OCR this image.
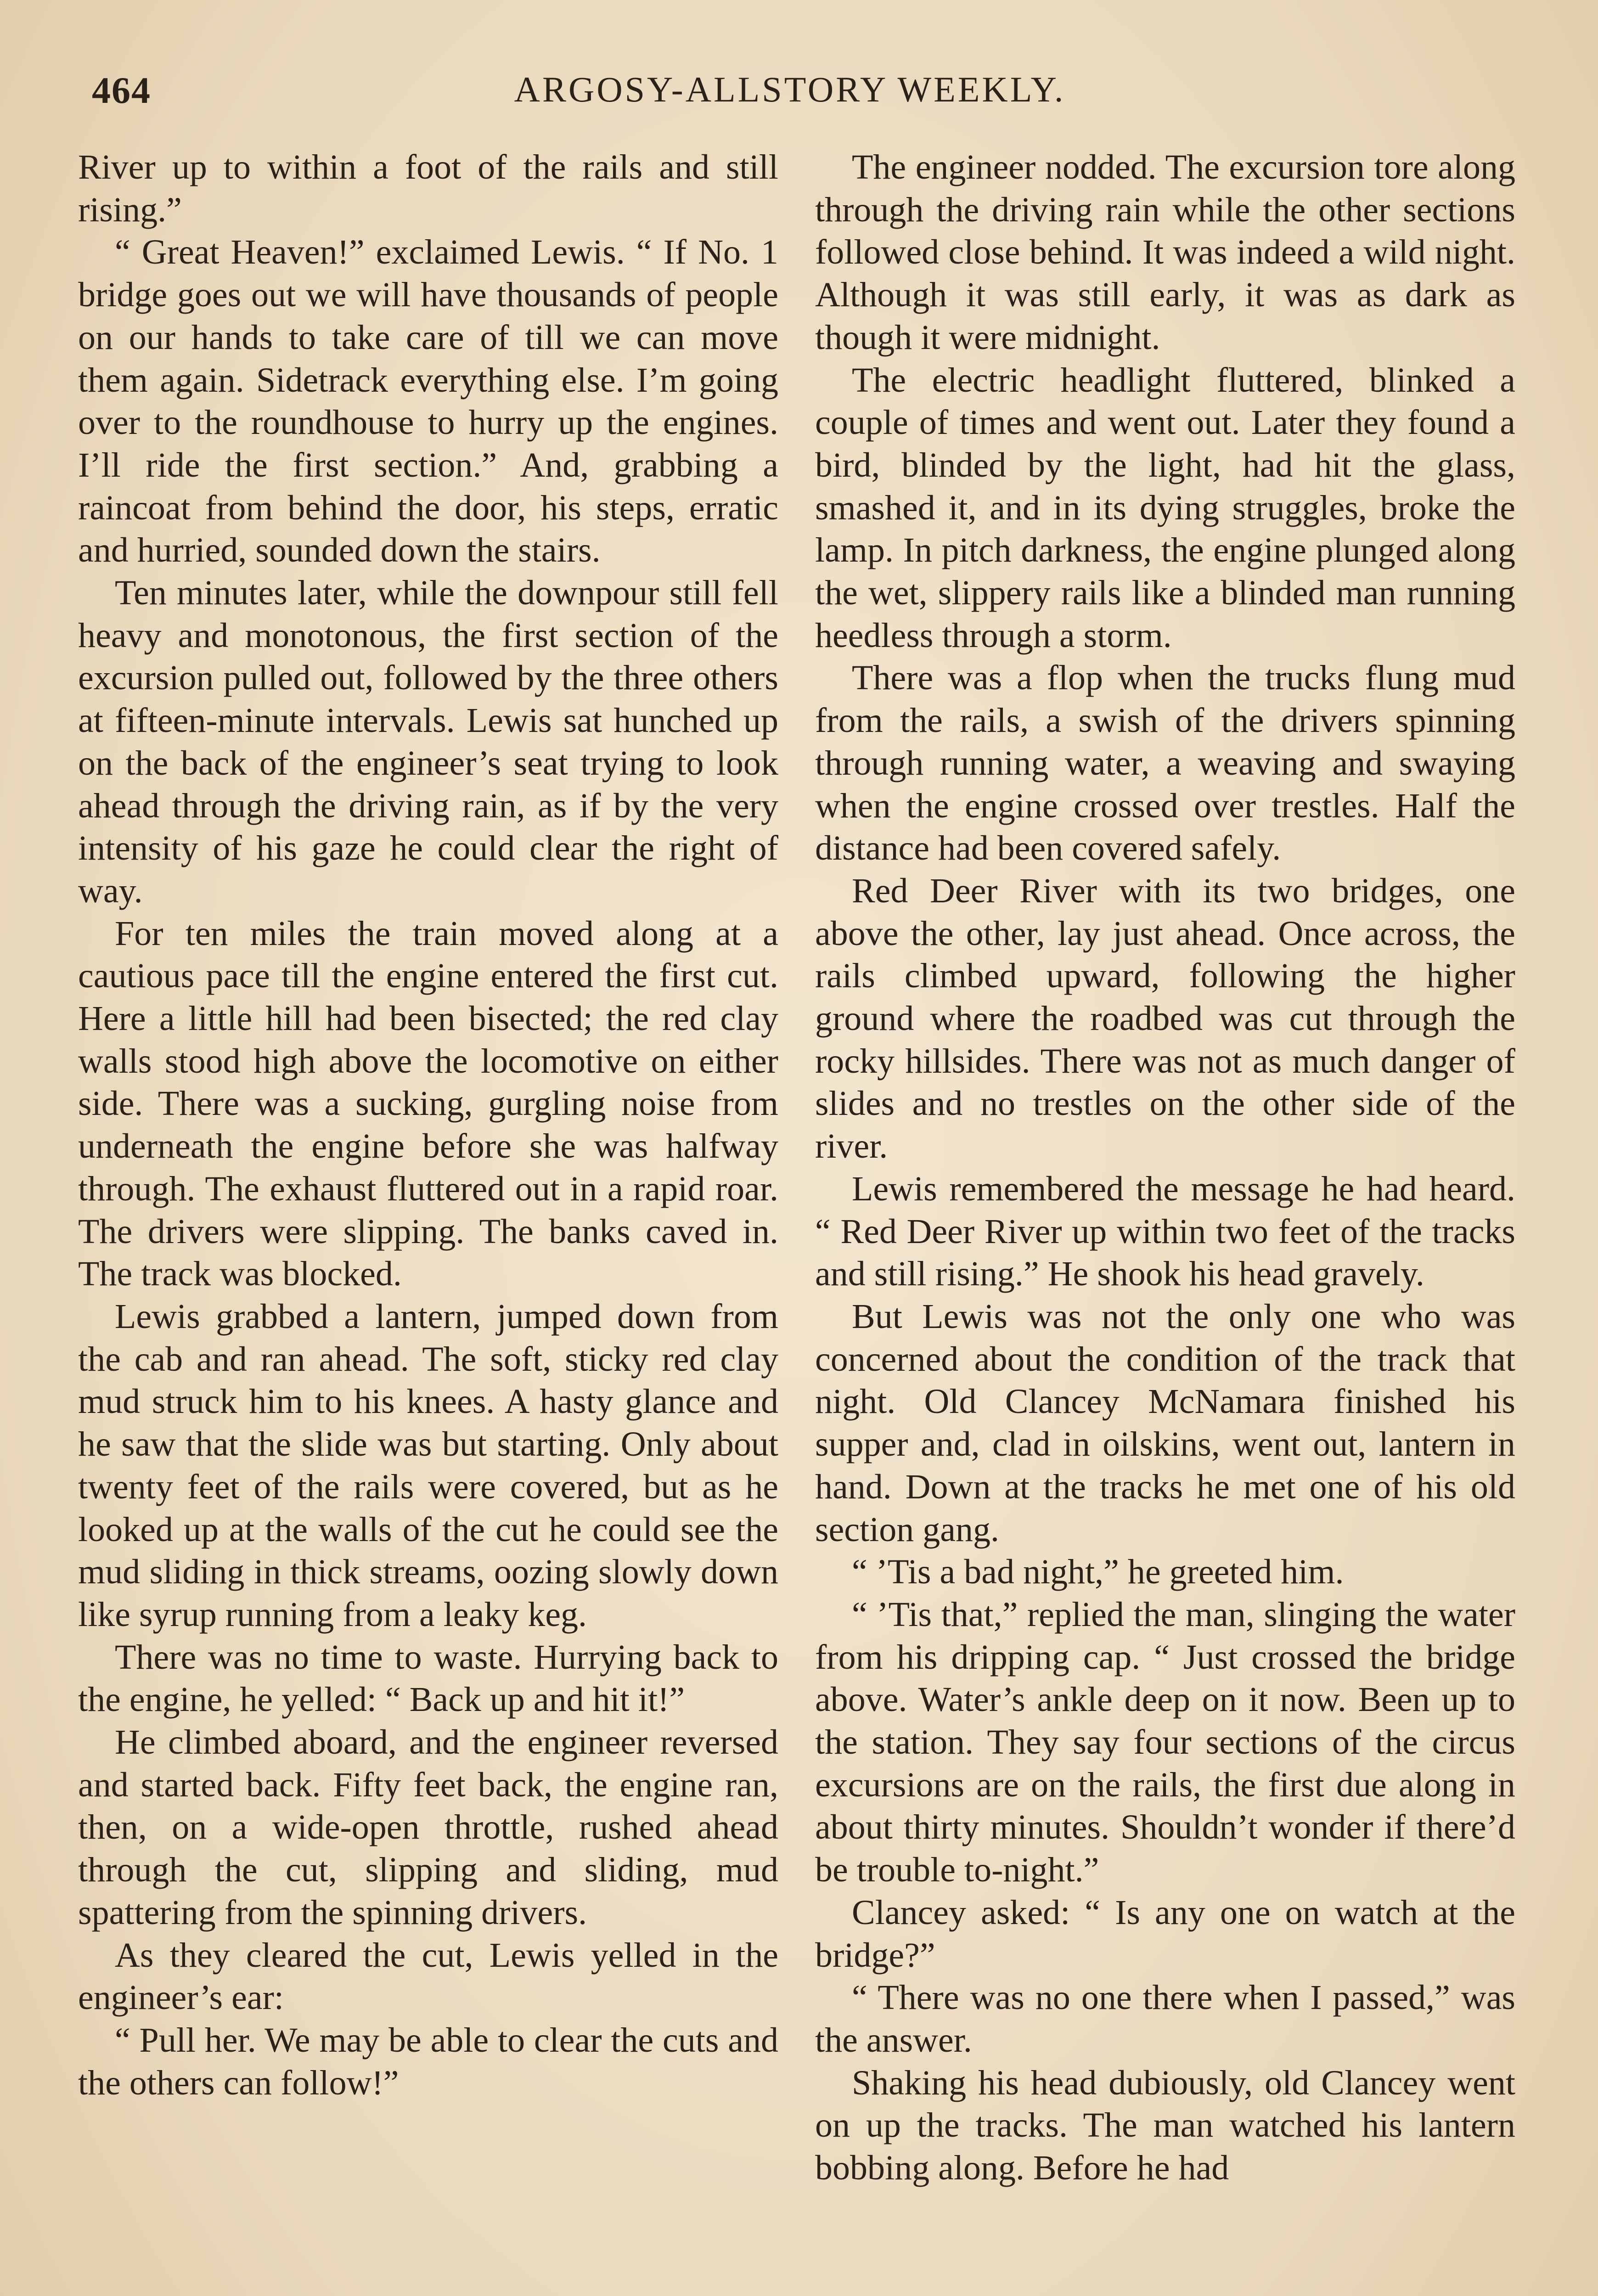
464	ARGOSY-ALLSTORY WEEKLY.

River up to within a foot of the rails and still rising.”

“ Great Heaven!” exclaimed Lewis. “ If No. 1 bridge goes out we will have thousands of people on our hands to take care of till we can move them again. Sidetrack everything else. I’m going over to the roundhouse to hurry up the engines. I’ll ride the first section.” And, grabbing a raincoat from behind the door, his steps, erratic and hurried, sounded down the stairs.

Ten minutes later, while the downpour still fell heavy and monotonous, the first section of the excursion pulled out, followed by the three others at fifteen-minute intervals. Lewis sat hunched up on the back of the engineer’s seat trying to look ahead through the driving rain, as if by the very intensity of his gaze he could clear the right of way.

For ten miles the train moved along at a cautious pace till the engine entered the first cut. Here a little hill had been bisected; the red clay walls stood high above the locomotive on either side. There was a sucking, gurgling noise from underneath the engine before she was halfway through. The exhaust fluttered out in a rapid roar. The drivers were slipping. The banks caved in. The track was blocked.

Lewis grabbed a lantern, jumped down from the cab and ran ahead. The soft, sticky red clay mud struck him to his knees. A hasty glance and he saw that the slide was but starting. Only about twenty feet of the rails were covered, but as he looked up at the walls of the cut he could see the mud sliding in thick streams, oozing slowly down like syrup running from a leaky keg.

There was no time to waste. Hurrying back to the engine, he yelled: “ Back up and hit it!”

He climbed aboard, and the engineer reversed and started back. Fifty feet back, the engine ran, then, on a wide-open throttle, rushed ahead through the cut, slipping and sliding, mud spattering from the spinning drivers.

As they cleared the cut, Lewis yelled in the engineer’s ear:

“ Pull her. We may be able to clear the cuts and the others can follow!”

The engineer nodded. The excursion tore along through the driving rain while the other sections followed close behind. It was indeed a wild night. Although it was still early, it was as dark as though it were midnight.

The electric headlight fluttered, blinked a couple of times and went out. Later they found a bird, blinded by the light, had hit the glass, smashed it, and in its dying struggles, broke the lamp. In pitch darkness, the engine plunged along the wet, slippery rails like a blinded man running heedless through a storm.

There was a flop when the trucks flung mud from the rails, a swish of the drivers spinning through running water, a weaving and swaying when the engine crossed over trestles. Half the distance had been covered safely.

Red Deer River with its two bridges, one above the other, lay just ahead. Once across, the rails climbed upward, following the higher ground where the roadbed was cut through the rocky hillsides. There was not as much danger of slides and no trestles on the other side of the river.

Lewis remembered the message he had heard. “ Red Deer River up within two feet of the tracks and still rising.” He shook his head gravely.

But Lewis was not the only one who was concerned about the condition of the track that night. Old Clancey McNamara finished his supper and, clad in oilskins, went out, lantern in hand. Down at the tracks he met one of his old section gang.

“ ’Tis a bad night,” he greeted him.

“ ’Tis that,” replied the man, slinging the water from his dripping cap. “ Just crossed the bridge above. Water’s ankle deep on it now. Been up to the station. They say four sections of the circus excursions are on the rails, the first due along in about thirty minutes. Shouldn’t wonder if there’d be trouble to-night.”

Clancey asked: “ Is any one on watch at the bridge?”

“ There was no one there when I passed,” was the answer.

Shaking his head dubiously, old Clancey went on up the tracks. The man watched his lantern bobbing along. Before he had
